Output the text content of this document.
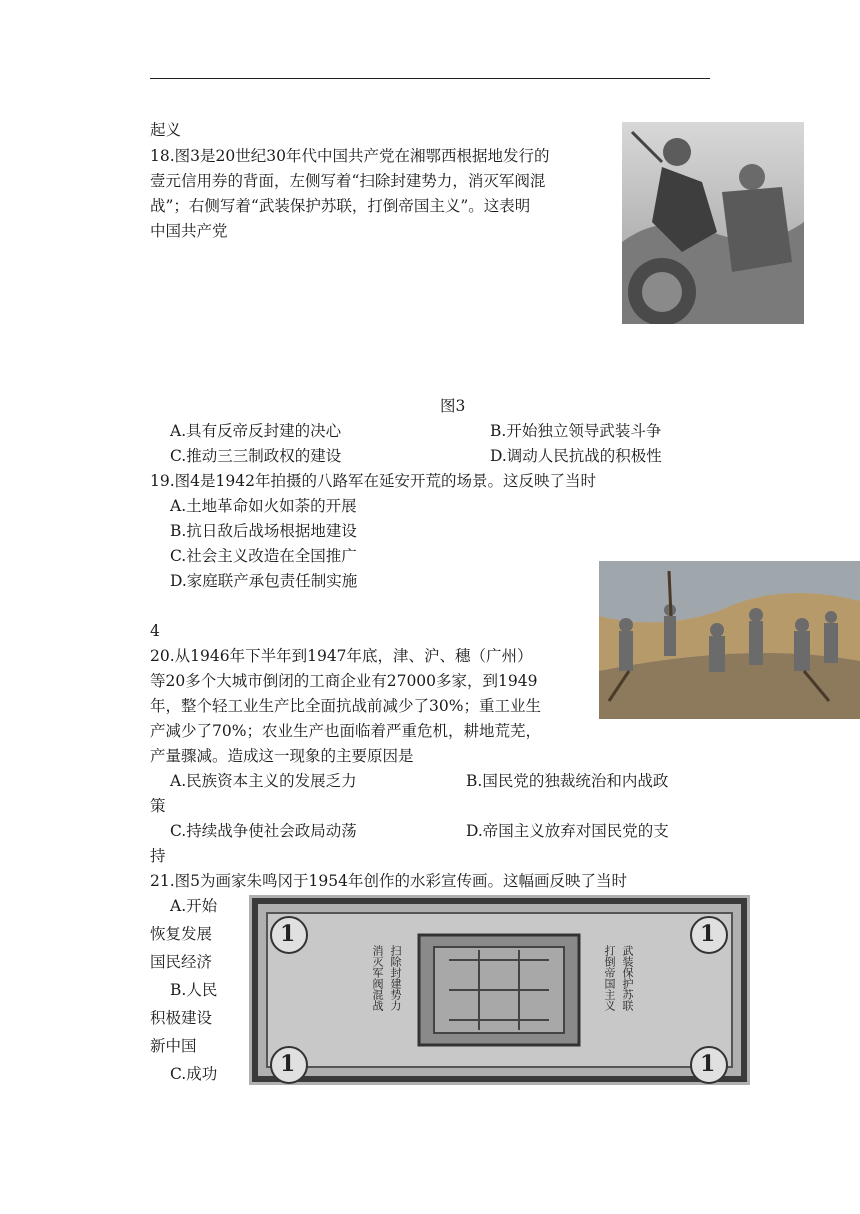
起义
18.图3是20世纪30年代中国共产党在湘鄂西根据地发行的
壹元信用券的背面，左侧写着“扫除封建势力，消灭军阀混
战”；右侧写着“武装保护苏联，打倒帝国主义”。这表明
中国共产党
图3
A.具有反帝反封建的决心	B.开始独立领导武装斗争
C.推动三三制政权的建设	D.调动人民抗战的积极性
19.图4是1942年拍摄的八路军在延安开荒的场景。这反映了当时
A.土地革命如火如荼的开展
B.抗日敌后战场根据地建设
C.社会主义改造在全国推广
D.家庭联产承包责任制实施
4
20.从1946年下半年到1947年底，津、沪、穗（广州）
等20多个大城市倒闭的工商企业有27000多家，到1949
年，整个轻工业生产比全面抗战前减少了30%；重工业生
产减少了70%；农业生产也面临着严重危机，耕地荒芜，
产量骤减。造成这一现象的主要原因是
A.民族资本主义的发展乏力	B.国民党的独裁统治和内战政
策
C.持续战争使社会政局动荡	D.帝国主义放弃对国民党的支
持
21.图5为画家朱鸣冈于1954年创作的水彩宣传画。这幅画反映了当时
A.开始
恢复发展
国民经济
B.人民
积极建设
新中国
C.成功
1	1
1	1
扫除封建势力
消灭军阀混战	武装保护苏联
打倒帝国主义
